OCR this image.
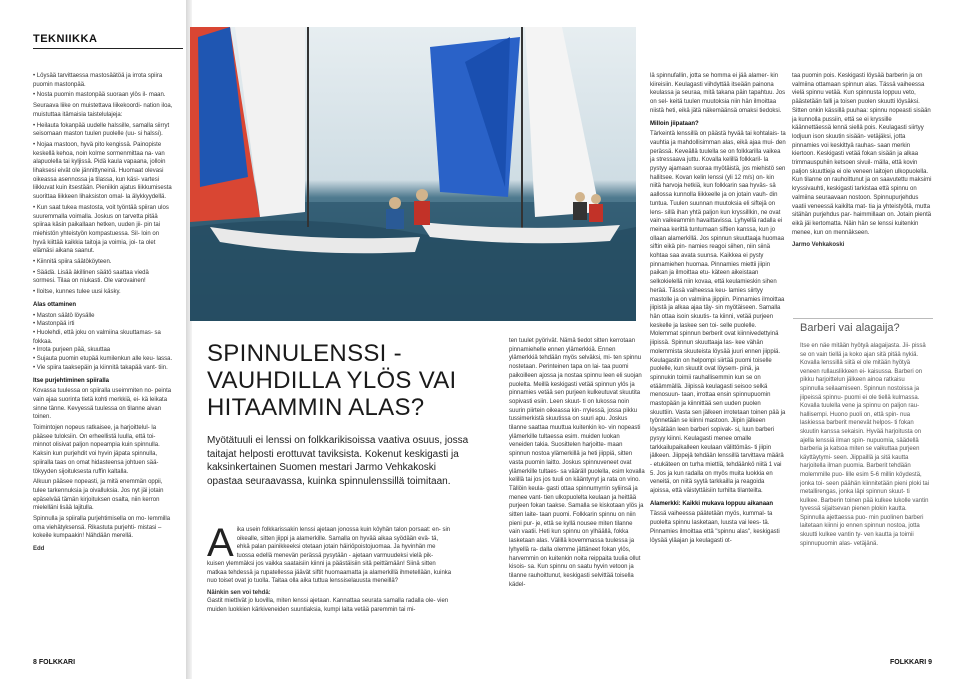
TEKNIIKKA

• Löysää tarvittaessa mastosäätöä ja irrota spiira puomin mastonpää.

• Nosta puomin mastonpää suoraan ylös il- maan.

Seuraava liike on muistettava liikekoordi- nation iloa, muistuttaa itämaisia taistelulajeja:

• Heilauta fokanpää uudelle halssille, samalla siirryt seisomaan maston tuulen puolelle (uu- si halssi).

• Nojaa mastoon, hyvä pito kengissä. Painopiste keskellä kehoa, noin kolme sormenmittaa na- van alapuolella tai kyljissä. Pidä kaula vapaana, jolloin lihaksesi eivät ole jännittyneinä. Huomaat olevasi oikeassa asennossa ja tilassa, kun käsi- vartesi liikkuvat kuin itsestään. Pieniikin ajatus liikkumisesta suorittaa liikkeen lihaksiston omal- la älykkyydellä.

• Kun saat tukea mastosta, voit työntää spiiran ulos suuremmalla voimalla. Joskus on tarvetta pitää spiiraa käsin paikallaan hetken, uuden jii- pin tai miehistön yhteistyön kompastuessa. Sil- loin on hyvä kiittää kaikkia taitoja ja voimia, joi- ta olet elämäsi aikana saanut.

• Kiinnitä spiira säätököyteen.

• Säädä. Lisää äkillinen säätö saattaa viedä sormesi. Tilaa on niukasti. Ole varovainen!

• Iloitse, kunnes tulee uusi käsky.

Alas ottaminen

• Maston säätö löysälle

• Mastonpää irti

• Huolehdi, että joku on valmiina skuuttamas- sa fokkaa.

• Irrota purjeen pää, skuuttaa

• Sujauta puomin etupää kumilenkun alle keu- lassa.

• Vie spiira taaksepäin ja kiinnitä takapää vant- tiin.

Itse purjehtiminen spiiralla

Kovassa tuulessa on spiiralla useimmiten no- peinta vain ajaa suorinta tietä kohti merkkiä, ei- kä leikata sinne tänne. Kevyessä tuulessa on tilanne aivan toinen.

Toimintojen nopeus ratkaisee, ja harjoittelul- la pääsee tuloksiin. On erheellistä luulla, että toi- minnot olisivat paljon nopeampia kuin spinnulla. Kaksin kun purjehdit voi hyvin jäpata spinnulla, spiiralla taas on omat hidasteensa johtuen sää- tökyyden sijoituksesta ruffin kaltalla.

Alkuun pääsee nopeasti, ja mitä enemmän oppii, tulee tarkennuksia ja oivalluksia. Jos nyt jäi jotain epäselvää tämän kirjoituksen osalta, niin kerron mielelläni lisää lajitulla.

Spinnulla ja spiiralla purjehtimisella on mo- lemmilla oma viehätyksensä. Rikastuta purjehti- mistasi – kokeile kumpaakin! Nähdään merellä.

Edd

8 FOLKKARI
SPINNULENSSI - VAUHDILLA YLÖS VAI HITAAMMIN ALAS?
Myötätuuli ei lenssi on folkkarikisoissa vaativa osuus, jossa taitajat helposti erottuvat taviksista. Kokenut keskigasti ja kaksinkertainen Suomen mestari Jarmo Vehkakoski opastaa seuraavassa, kuinka spinnulenssillä toimitaan.
A ika usein folkkarissakin lenssi ajetaan jonossa kuin köyhän talon porsaat: en- sin oikealle, sitten jiippi ja alamerkille. Samalla on hyvää aikaa syödään evä- tä, ehkä palan painikkeeksi otetaan jotain häiriöpoistojuomaa. Ja hyvinhän me tuossa edellä menevän perässä pysytään - ajetaan varmuudeksi vielä pik- kuisen ylemmäksi jos vaikka saataisiin kiinni ja päästäisiin sitä peittämään! Siinä sitten matkaa tehdessä ja rupatellessa jäävät siftit huomaamatta ja alamerkillä ihmetellään, kuinka nuo toiset ovat jo tuolla. Taitaa olla aika tuttua lenssiselauusta meneillä?
Näinkin sen voi tehdä:
Gastit miettivät jo luovilla, miten lenssi ajetaan. Kannattaa seurata samalla radalla ole- vien muiden luokkien kärkiveneiden suuntiaksia, kumpi laita vetää paremmin tai mi-

ten tuulet pyörivät. Nämä tiedot sitten kerrotaan pinnamiehelle ennen ylämerkkiä. Ennen ylämerkkiä tehdään myös selväksi, mi- ten spinnu nostetaan. Perinteinen tapa on lai- taa puomi paikoilleen ajossa ja nostaa spinnu leen eli suojan puolelta. Meillä keskigasti vetää spinnun ylös ja pinnamies vetää sen purjeen kulkeutuvat skuutita sopivasti esiin. Leen skuut- ti on lukossa noin suurin piirtein oikeassa kin- rrylessä, jossa pikku tussimerkistä skuutissa on suuri apu. Joskus tilanne saattaa muuttua kuitenkin ko- vin nopeasti ylämerkille tultaessa esim. muiden luokan veneiden takia. Suosittelen harjoitte- maan spinnun nostoa ylämerkillä ja heti jiippiä, sitten vasta puomin laitto. Joskus spinnuveneet ovat ylämerkille tultaes- sa vääräll puolella, esim kovalla kelillä tai jos jos tuuli on kääntynyt ja rata on vino. Tällöin keula- gasti ottaa spinnumyrrin syliinsä ja menee vant- tien ulkopuolelta keulaan ja heittää purjeen fokan taakse. Samalla se kiskotaan ylös ja sitten laite- taan puomi. Folkkarin spinnu on niin pieni pur- je, että se kyllä nousee miten tilanne vain vaatii. Heti kun spinnu on ylhäällä, fokka lasketaan alas. Välillä kovemmassa tuulessa ja lyhyellä ra- dalla olemme jättäneet fokan ylös, harvemmin on kuitenkin noita reippaita tuulia ollut kisois- sa. Kun spinnu on saatu hyvin vetoon ja tilanne rauhoittunut, keskigasti selvittää toisella kädel-

lä spinnufallin, jotta se homma ei jää alamer- kin kiireisiin. Keulagasti viihdyttää itseään painona keulassa ja seuraa, mitä takana päin tapahtuu. Jos on sel- keitä tuulen muutoksia niin hän ilmoittaa niistä heti, eikä jätä näkemäänsä omaksi tiedoksi.

Milloin jiipataan?

Tärkeintä lenssillä on päästä hyvää tai kohtalais- ta vauhtia ja mahdollisimman alas, eikä ajaa mui- den perässä. Keveällä tuulella se on folkkarilla vaikea ja stressaava juttu. Kovalla kelillä folkkaril- la pystyy ajamaan suoraa myötäistä, jos miehistö sen hallitsee. Kovan kelin lenssi (yli 12 m/s) on- kin niitä harvoja hetkiä, kun folkkarin saa hyväs- sä aallossa kunnolla liikkeelle ja on jotain vauh- din tuntua. Tuulen suunnan muutoksia eli siftejä on lens- sillä ihan yhtä paljon kun kryssillkin, ne ovat vain vaikeammin havaittavissa. Lyhyellä radalla ei meinaa kerittä tuntumaan siftien kanssa, kun jo ollaan alamerkillä. Jos spinnun skuuttaaja huomaa siftin eikä pin- namies reagoi siihen, niin siinä kohtaa saa avata suunsa. Kaikkea ei pysty pinnamiehen huomaa. Pinnamies miettii jiipin paikan ja ilmoittaa etu- käteen aikeistaan selkokielellä niin kovaa, että keulamieskin sihen herää. Tässä vaiheessa keu- lamies siirtyy mastolle ja on valmiina jiippiin. Pinnamies ilmoittaa jiipistä ja alkaa ajaa täy- sin myötäiseen. Samalla hän ottaa isoin skuutis- ta kiinni, vetää purjeen keskelle ja laskee sen toi- selle puolelle. Molemmat spinnun berberit ovat kiinnivedettyinä jiipissä. Spinnun skuuttaaja las- kee vähän molemmista skuuteista löysää juuri ennen jiippiä. Keulagastin on helpompi siirtää puomi toiselle puolelle, kun skuutit ovat löysem- pinä, ja spinnukin toimii rauhallisemmin kun se on etäämmällä. Jiipissä keulagasti seisoo selkä menosuun- taan, irrottaa ensin spinnupuomin mastopään ja kiinnittää sen uuden puolen skuuttiin. Vasta sen jälkeen irrotetaan toinen pää ja työnnetään se kiinni mastoon. Jiipin jälkeen löysätään leen barberi sopivak- si, luun barberi pysyy kiinni. Keulagasti menee omalle tarkkailupaikalleen keulaan välittömäs- ti jiipin jälkeen. Jiippejä tehdään lenssillä tarvittava määrä - etukäteen on turha miettiä, tehdäänkö niitä 1 vai 5. Jos ja kun radalla on myös muita luokkia en veneitä, on niitä syytä tarkkailla ja reagoida ajoissa, että väistyttäisiin turhilta tilanteilta.

Alamerkki: Kaikki mukava loppuu aikanaan

Tässä vaiheessa päätetään myös, kummal- ta puolelta spinnu lasketaan, luusta vai lees- tä. Pinnamies ilmoittaa että "spinnu alas", keskigasti löysää yläajan ja keulagasti ot-

taa puomin pois. Keskigasti löysää barberin ja on valmiina ottamaan spinnun alas. Tässä vaiheessa vielä spinnu vetää. Kun spinnusta loppuu veto, päästetään falli ja toisen puolen skuutti löysäksi. Sitten onkin kässillä puuhaa: spinnu nopeasti sisään ja kunnolla pussiin, että se ei kryssille käännettäessä lennä siellä pois. Keulagasti siirtyy lodjuun ison skuutin sisään- vetäjäksi, jotta pinnamies voi keskittyä rauhas- saan merkin kiertoon. Keskigasti vetää fokan sisään ja alkaa trimmauspuhiin ketsoen sivuil- mälla, että kovin paljon skuuttieja ei ole veneen laitojen ulkopuolella. Kun tilanne on rauhoittunut ja on saavutettu maksimi kryssivauhti, keskigasti tarkistaa että spinnu on valmiina seuraavaan nostoon. Spinnupurjehdus vaatii veneessä kaikilta mat- tia ja yhteistyötä, mutta sitähän purjehdus par- haimmillaan on. Jotain pientä eikä jäi kertomatta. Näin hän se lenssi kuitenkin menee, kun on mennäkseen.

Jarmo Vehkakoski

Barberi vai alagaija?
Itse en näe mitään hyötyä alagaijasta. Jii- pissä se on vain tiellä ja koko ajan sitä pitää nykiä. Kovalla lenssillä siitä ei ole mitään hyötyä veneen rullauslikkeen ei- kaisussa. Barberi on pikku harjoittelun jälkeen ainoa ratkaisu spinnulla seilaamiseen. Spinnun nostoissa ja jiipeissä spinnu- puomi ei ole tiellä kulmassa. Kovalla tuulella vene ja spinnu on paljon rau- hallisempi. Huono puoli on, että spin- nua laskiessa barberit menevät helpos- ti fokan skuutin kanssa sekaisin. Hyvää harjoitusta on ajella lenssiä ilman spin- nupuomia, säädellä barberia ja katsoa miten se vaikuttaa purjeen käyttäytymi- seen. Jiippaillä ja sitä kautta harjoitella ilman puomia. Barberit tehdään molemmille puo- lille esim 5-6 millin köydestä, jonka toi- seen päähän kiinnitetään pieni ploki tai metallirengas, jonka läpi spinnun skuut- ti kulkee. Barberin toinen pää kulkee lukolle vantin tyvessä sijaitsevan pienen plokin kautta. Spinnulla ajettaessa puo- min puolinen barberi laitetaan kiinni jo ennen spinnun nostoa, jotta skuutti kulkee vantin ty- ven kautta ja toimii spinnupuomin alas- vetäjänä.
FOLKKARI 9
